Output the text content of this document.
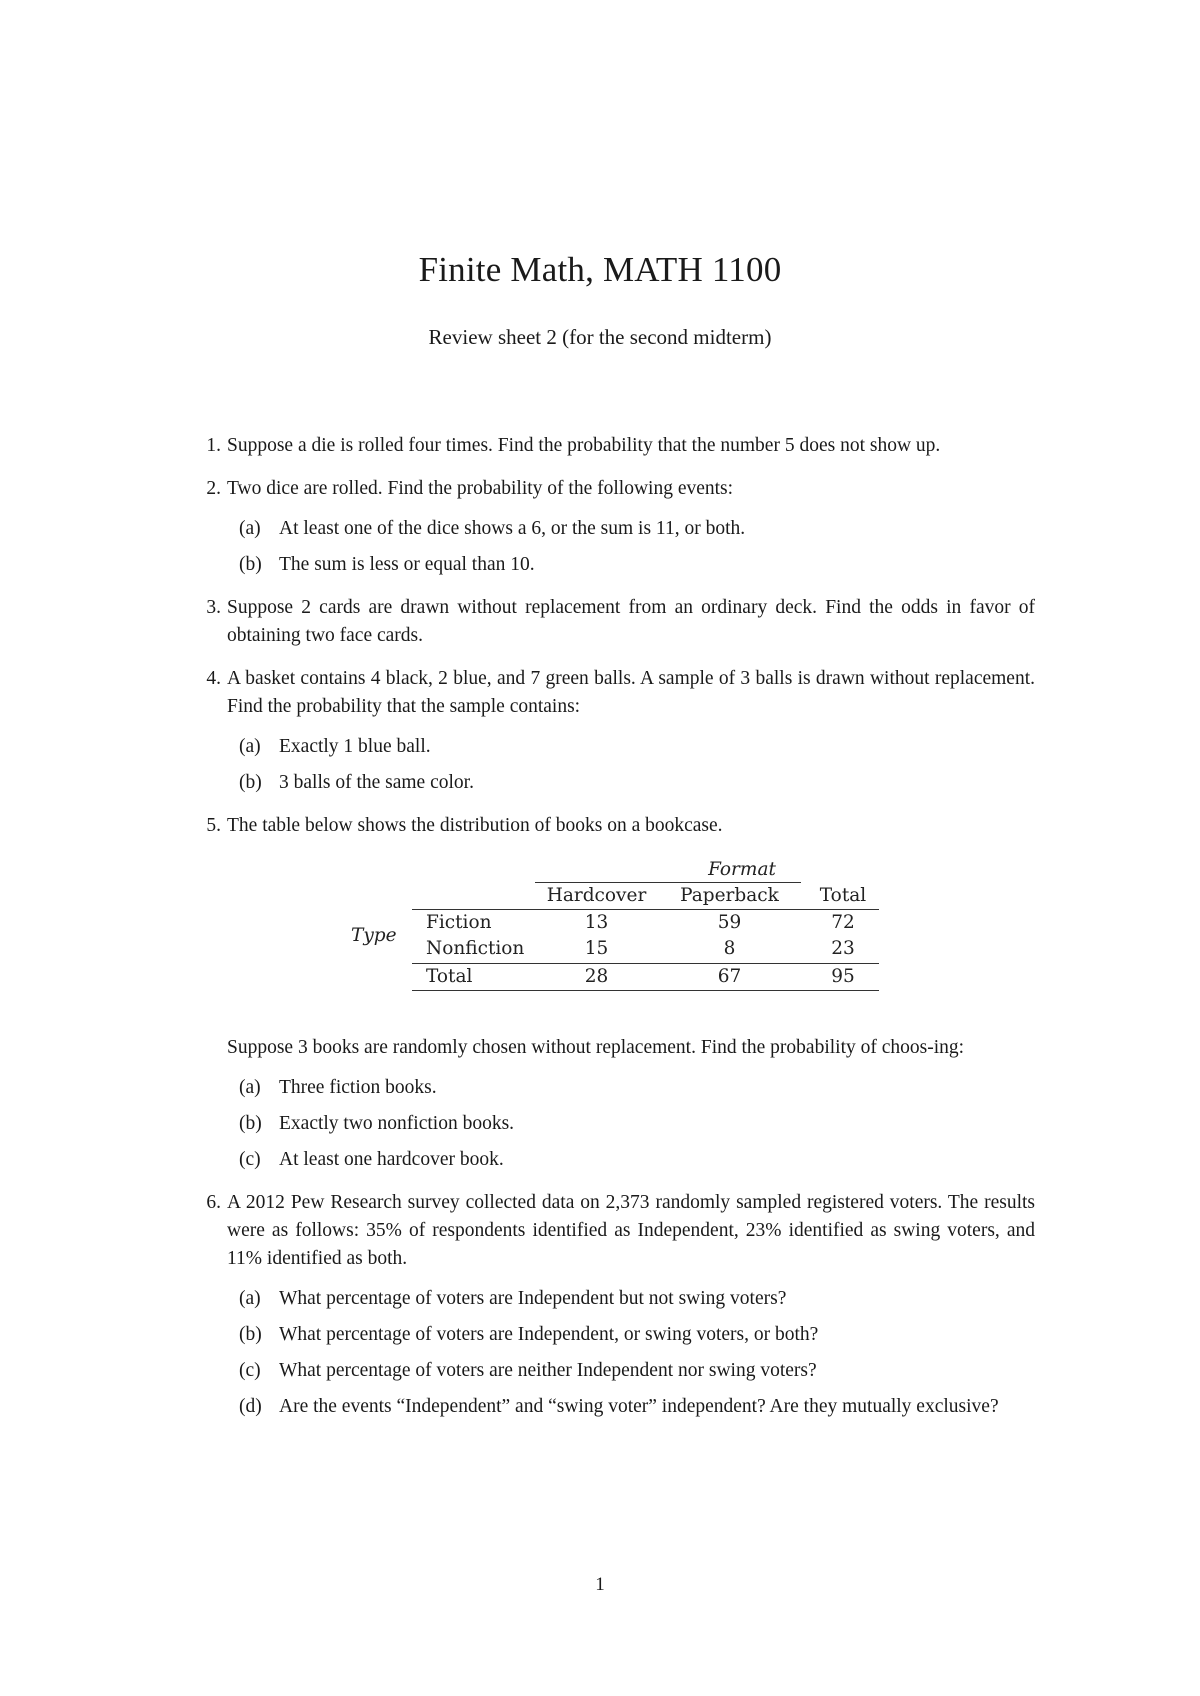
Finite Math, MATH 1100
Review sheet 2 (for the second midterm)
1. Suppose a die is rolled four times. Find the probability that the number 5 does not show up.
2. Two dice are rolled. Find the probability of the following events:
(a) At least one of the dice shows a 6, or the sum is 11, or both.
(b) The sum is less or equal than 10.
3. Suppose 2 cards are drawn without replacement from an ordinary deck. Find the odds in favor of obtaining two face cards.
4. A basket contains 4 black, 2 blue, and 7 green balls. A sample of 3 balls is drawn without replacement. Find the probability that the sample contains:
(a) Exactly 1 blue ball.
(b) 3 balls of the same color.
5. The table below shows the distribution of books on a bookcase.
Format
Hardcover	Paperback	Total
Type
Fiction	13	59	72
Nonfiction	15	8	23
Total	28	67	95
Suppose 3 books are randomly chosen without replacement. Find the probability of choos-ing:
(a) Three fiction books.
(b) Exactly two nonfiction books.
(c) At least one hardcover book.
6. A 2012 Pew Research survey collected data on 2,373 randomly sampled registered voters. The results were as follows: 35% of respondents identified as Independent, 23% identified as swing voters, and 11% identified as both.
(a) What percentage of voters are Independent but not swing voters?
(b) What percentage of voters are Independent, or swing voters, or both?
(c) What percentage of voters are neither Independent nor swing voters?
(d) Are the events “Independent” and “swing voter” independent? Are they mutually exclusive?
1
